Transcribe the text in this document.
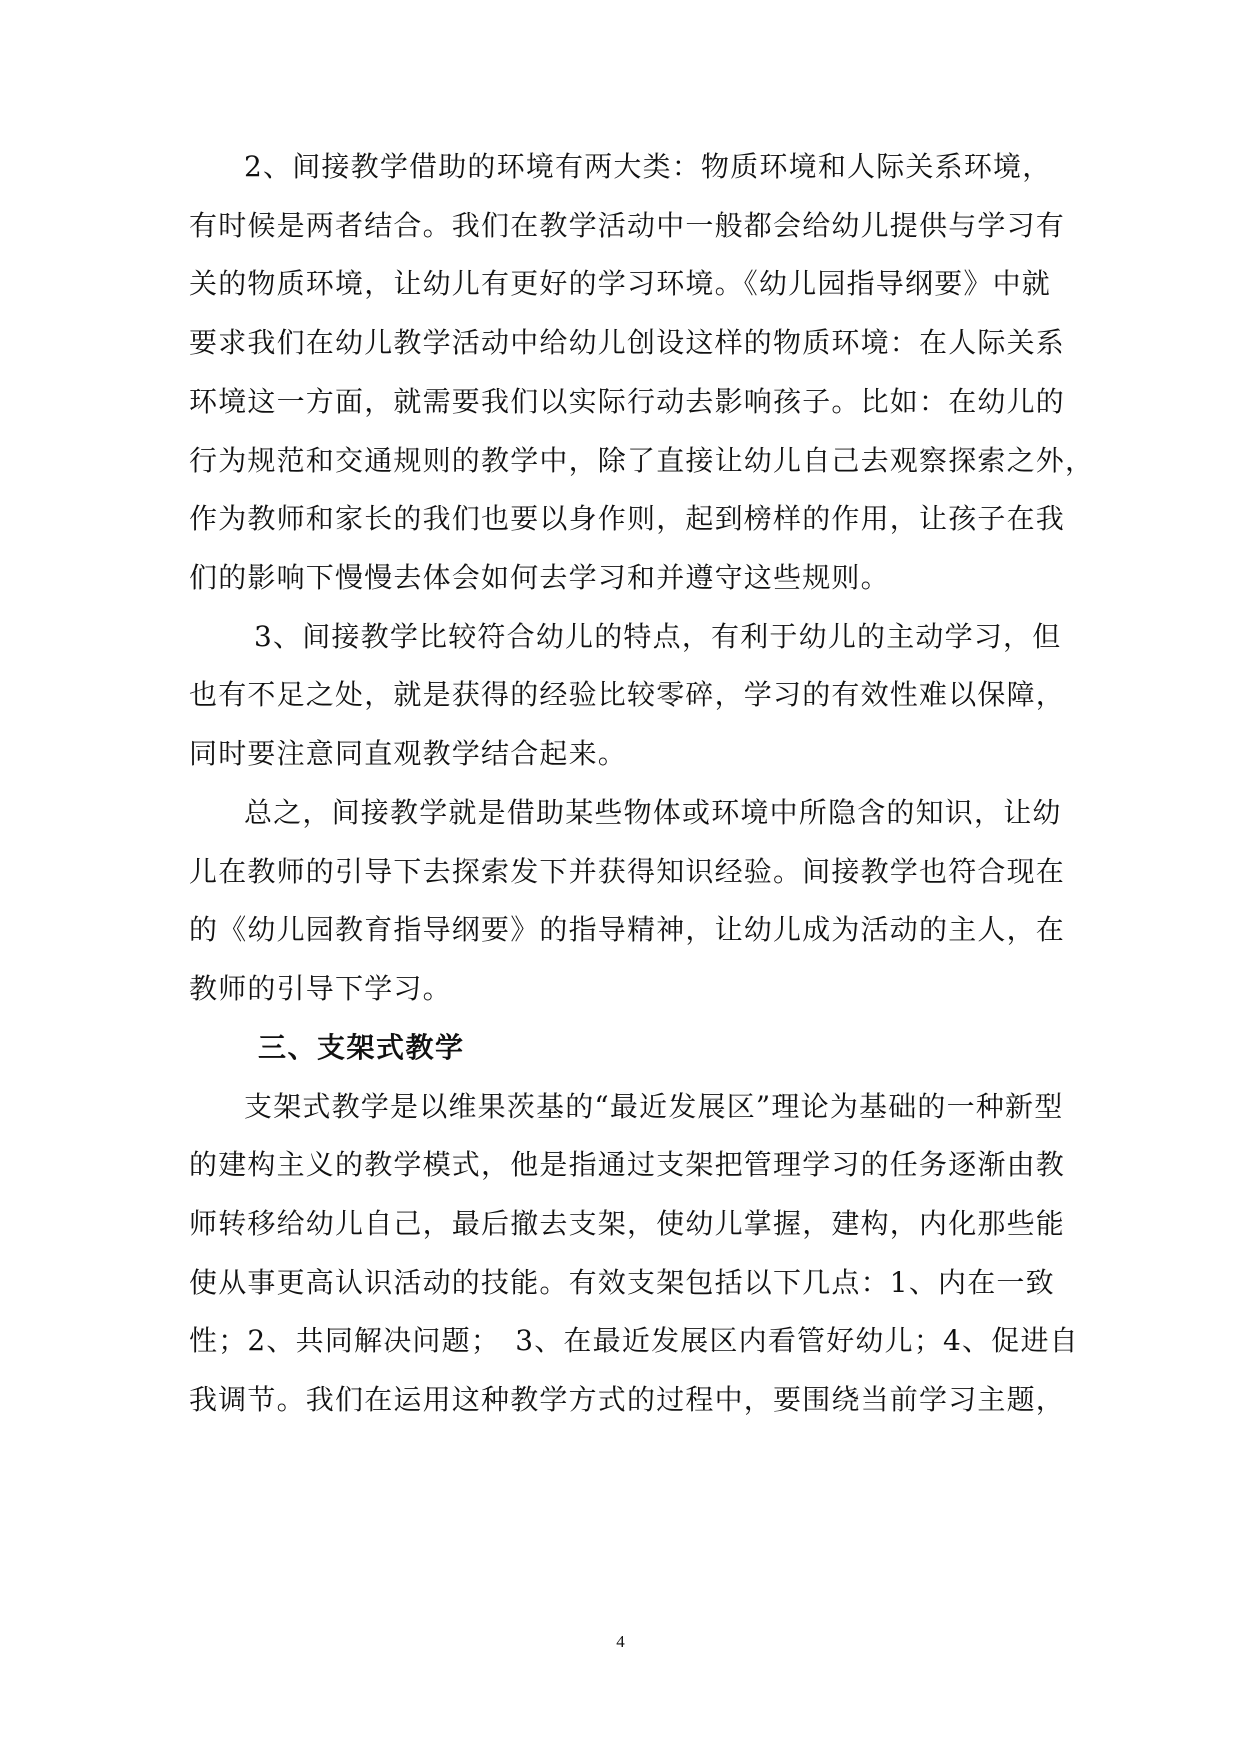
2、间接教学借助的环境有两大类：物质环境和人际关系环境，
有时候是两者结合。我们在教学活动中一般都会给幼儿提供与学习有
关的物质环境，让幼儿有更好的学习环境。《幼儿园指导纲要》中就
要求我们在幼儿教学活动中给幼儿创设这样的物质环境：在人际关系
环境这一方面，就需要我们以实际行动去影响孩子。比如：在幼儿的
行为规范和交通规则的教学中，除了直接让幼儿自己去观察探索之外，
作为教师和家长的我们也要以身作则，起到榜样的作用，让孩子在我
们的影响下慢慢去体会如何去学习和并遵守这些规则。
3、间接教学比较符合幼儿的特点，有利于幼儿的主动学习，但
也有不足之处，就是获得的经验比较零碎，学习的有效性难以保障，
同时要注意同直观教学结合起来。
总之，间接教学就是借助某些物体或环境中所隐含的知识，让幼
儿在教师的引导下去探索发下并获得知识经验。间接教学也符合现在
的《幼儿园教育指导纲要》的指导精神，让幼儿成为活动的主人，在
教师的引导下学习。
三、支架式教学
支架式教学是以维果茨基的“最近发展区”理论为基础的一种新型
的建构主义的教学模式，他是指通过支架把管理学习的任务逐渐由教
师转移给幼儿自己，最后撤去支架，使幼儿掌握，建构，内化那些能
使从事更高认识活动的技能。有效支架包括以下几点：1、内在一致
性；2、共同解决问题；　3、在最近发展区内看管好幼儿；4、促进自
我调节。我们在运用这种教学方式的过程中，要围绕当前学习主题，
4
